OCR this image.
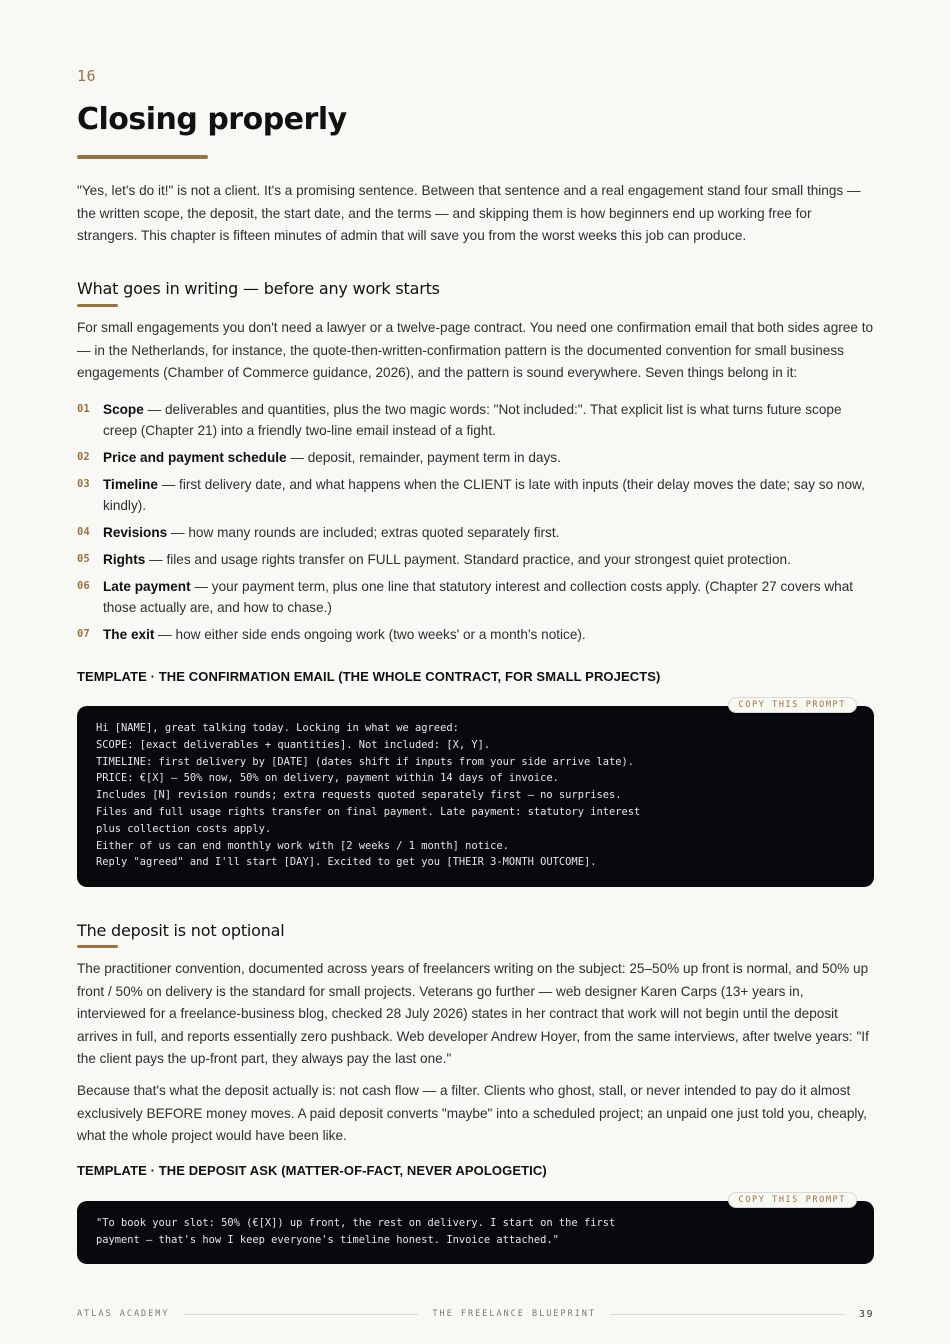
16
Closing properly

"Yes, let's do it!" is not a client. It's a promising sentence. Between that sentence and a real engagement stand four small things — the written scope, the deposit, the start date, and the terms — and skipping them is how beginners end up working free for strangers. This chapter is fifteen minutes of admin that will save you from the worst weeks this job can produce.

What goes in writing — before any work starts

For small engagements you don't need a lawyer or a twelve-page contract. You need one confirmation email that both sides agree to — in the Netherlands, for instance, the quote-then-written-confirmation pattern is the documented convention for small business engagements (Chamber of Commerce guidance, 2026), and the pattern is sound everywhere. Seven things belong in it:

01 Scope — deliverables and quantities, plus the two magic words: "Not included:". That explicit list is what turns future scope creep (Chapter 21) into a friendly two-line email instead of a fight.
02 Price and payment schedule — deposit, remainder, payment term in days.
03 Timeline — first delivery date, and what happens when the CLIENT is late with inputs (their delay moves the date; say so now, kindly).
04 Revisions — how many rounds are included; extras quoted separately first.
05 Rights — files and usage rights transfer on FULL payment. Standard practice, and your strongest quiet protection.
06 Late payment — your payment term, plus one line that statutory interest and collection costs apply. (Chapter 27 covers what those actually are, and how to chase.)
07 The exit — how either side ends ongoing work (two weeks' or a month's notice).
TEMPLATE · THE CONFIRMATION EMAIL (THE WHOLE CONTRACT, FOR SMALL PROJECTS)
COPY THIS PROMPT
Hi [NAME], great talking today. Locking in what we agreed:
SCOPE: [exact deliverables + quantities]. Not included: [X, Y].
TIMELINE: first delivery by [DATE] (dates shift if inputs from your side arrive late).
PRICE: €[X] — 50% now, 50% on delivery, payment within 14 days of invoice.
Includes [N] revision rounds; extra requests quoted separately first — no surprises.
Files and full usage rights transfer on final payment. Late payment: statutory interest
plus collection costs apply.
Either of us can end monthly work with [2 weeks / 1 month] notice.
Reply "agreed" and I'll start [DAY]. Excited to get you [THEIR 3-MONTH OUTCOME].
The deposit is not optional

The practitioner convention, documented across years of freelancers writing on the subject: 25–50% up front is normal, and 50% up front / 50% on delivery is the standard for small projects. Veterans go further — web designer Karen Carps (13+ years in, interviewed for a freelance-business blog, checked 28 July 2026) states in her contract that work will not begin until the deposit arrives in full, and reports essentially zero pushback. Web developer Andrew Hoyer, from the same interviews, after twelve years: "If the client pays the up-front part, they always pay the last one."

Because that's what the deposit actually is: not cash flow — a filter. Clients who ghost, stall, or never intended to pay do it almost exclusively BEFORE money moves. A paid deposit converts "maybe" into a scheduled project; an unpaid one just told you, cheaply, what the whole project would have been like.

TEMPLATE · THE DEPOSIT ASK (MATTER-OF-FACT, NEVER APOLOGETIC)
COPY THIS PROMPT
"To book your slot: 50% (€[X]) up front, the rest on delivery. I start on the first
payment — that's how I keep everyone's timeline honest. Invoice attached."
ATLAS ACADEMY	THE FREELANCE BLUEPRINT	39
